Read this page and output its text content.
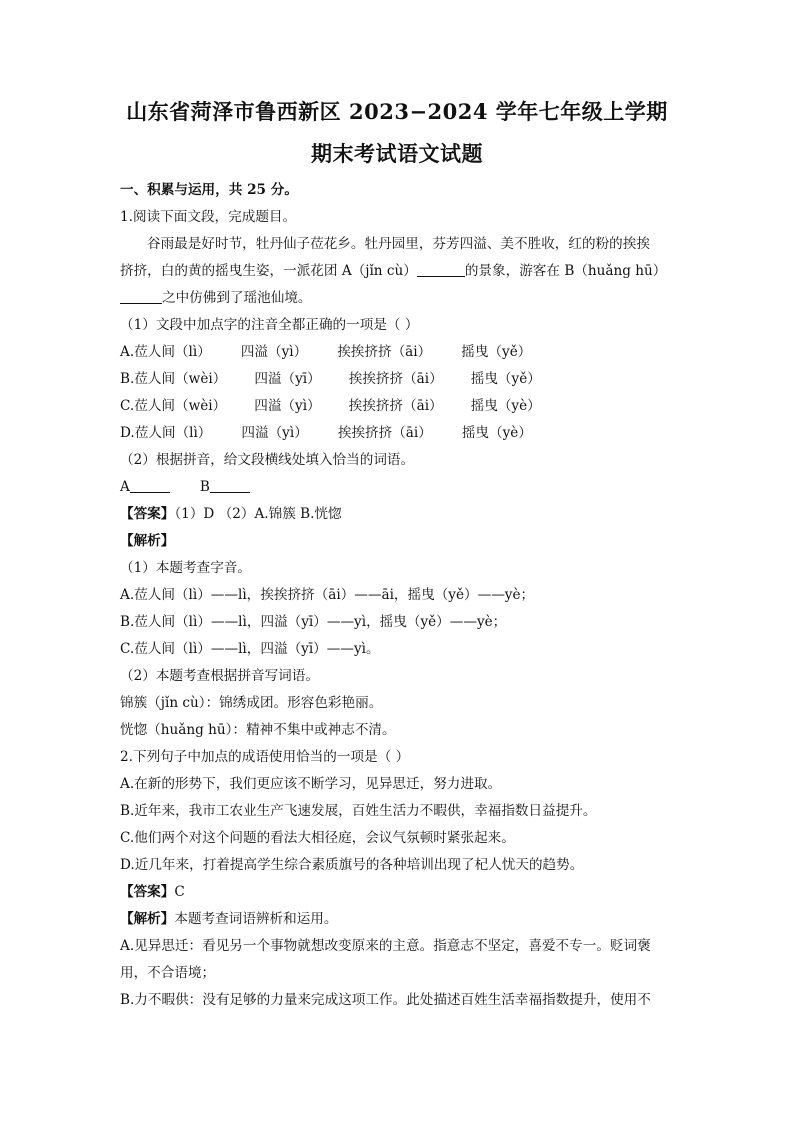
山东省菏泽市鲁西新区 2023−2024 学年七年级上学期
期末考试语文试题
一、积累与运用，共 25 分。
1.阅读下面文段，完成题目。
谷雨最是好时节，牡丹仙子莅花乡。牡丹园里，芬芳四溢、美不胜收，红的粉的挨挨
挤挤，白的黄的摇曳生姿，一派花团 A（jǐn cù）	的景象，游客在 B（huǎng hū）
之中仿佛到了瑶池仙境。
（1）文段中加点字的注音全都正确的一项是（ ）
A.莅人间（lì） 四溢（yì） 挨挨挤挤（āi） 摇曳（yě）
B.莅人间（wèi） 四溢（yī） 挨挨挤挤（āi） 摇曳（yě）
C.莅人间（wèi） 四溢（yì） 挨挨挤挤（āi） 摇曳（yè）
D.莅人间（lì） 四溢（yì） 挨挨挤挤（āi） 摇曳（yè）
（2）根据拼音，给文段横线处填入恰当的词语。
A	B
【答案】（1）D （2）A.锦簇 B.恍惚
【解析】
（1）本题考查字音。
A.莅人间（lì）——lì，挨挨挤挤（āi）——āi，摇曳（yě）——yè；
B.莅人间（lì）——lì，四溢（yī）——yì，摇曳（yě）——yè；
C.莅人间（lì）——lì，四溢（yī）——yì。
（2）本题考查根据拼音写词语。
锦簇（jǐn cù）：锦绣成团。形容色彩艳丽。
恍惚（huǎng hū）：精神不集中或神志不清。
2.下列句子中加点的成语使用恰当的一项是（ ）
A.在新的形势下，我们更应该不断学习，见异思迁，努力进取。
B.近年来，我市工农业生产飞速发展，百姓生活力不暇供，幸福指数日益提升。
C.他们两个对这个问题的看法大相径庭，会议气氛顿时紧张起来。
D.近几年来，打着提高学生综合素质旗号的各种培训出现了杞人忧天的趋势。
【答案】C
【解析】本题考查词语辨析和运用。
A.见异思迁：看见另一个事物就想改变原来的主意。指意志不坚定，喜爱不专一。贬词褒
用，不合语境；
B.力不暇供：没有足够的力量来完成这项工作。此处描述百姓生活幸福指数提升，使用不
